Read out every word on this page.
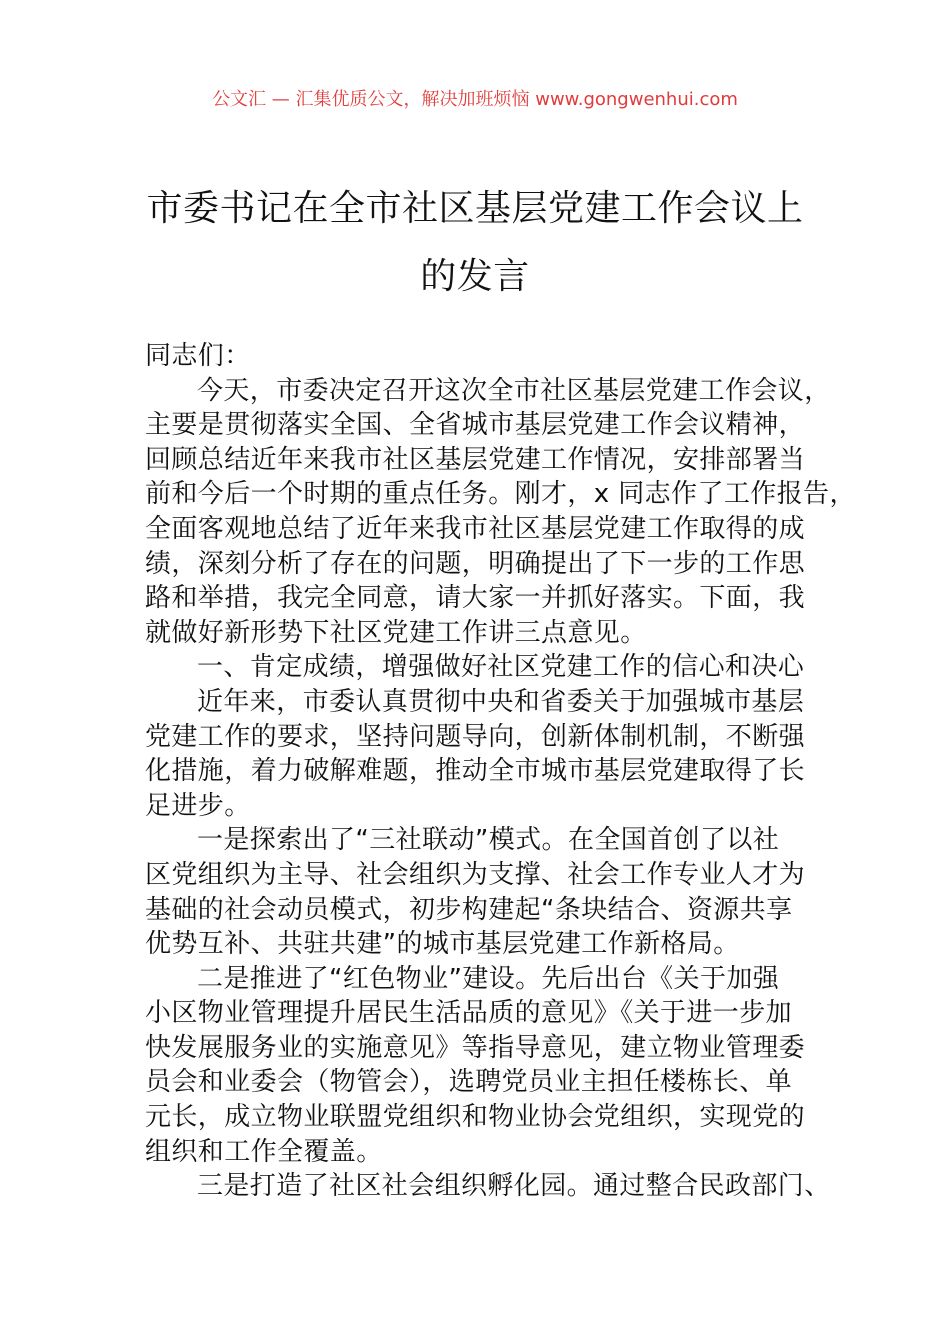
公文汇 — 汇集优质公文，解决加班烦恼 www.gongwenhui.com
市委书记在全市社区基层党建工作会议上
的发言
同志们：
今天，市委决定召开这次全市社区基层党建工作会议，
主要是贯彻落实全国、全省城市基层党建工作会议精神，
回顾总结近年来我市社区基层党建工作情况，安排部署当
前和今后一个时期的重点任务。刚才，x 同志作了工作报告，
全面客观地总结了近年来我市社区基层党建工作取得的成
绩，深刻分析了存在的问题，明确提出了下一步的工作思
路和举措，我完全同意，请大家一并抓好落实。下面，我
就做好新形势下社区党建工作讲三点意见。
一、肯定成绩，增强做好社区党建工作的信心和决心
近年来，市委认真贯彻中央和省委关于加强城市基层
党建工作的要求，坚持问题导向，创新体制机制，不断强
化措施，着力破解难题，推动全市城市基层党建取得了长
足进步。
一是探索出了“三社联动”模式。在全国首创了以社
区党组织为主导、社会组织为支撑、社会工作专业人才为
基础的社会动员模式，初步构建起“条块结合、资源共享
优势互补、共驻共建”的城市基层党建工作新格局。
二是推进了“红色物业”建设。先后出台《关于加强
小区物业管理提升居民生活品质的意见》《关于进一步加
快发展服务业的实施意见》等指导意见，建立物业管理委
员会和业委会（物管会），选聘党员业主担任楼栋长、单
元长，成立物业联盟党组织和物业协会党组织，实现党的
组织和工作全覆盖。
三是打造了社区社会组织孵化园。通过整合民政部门、
